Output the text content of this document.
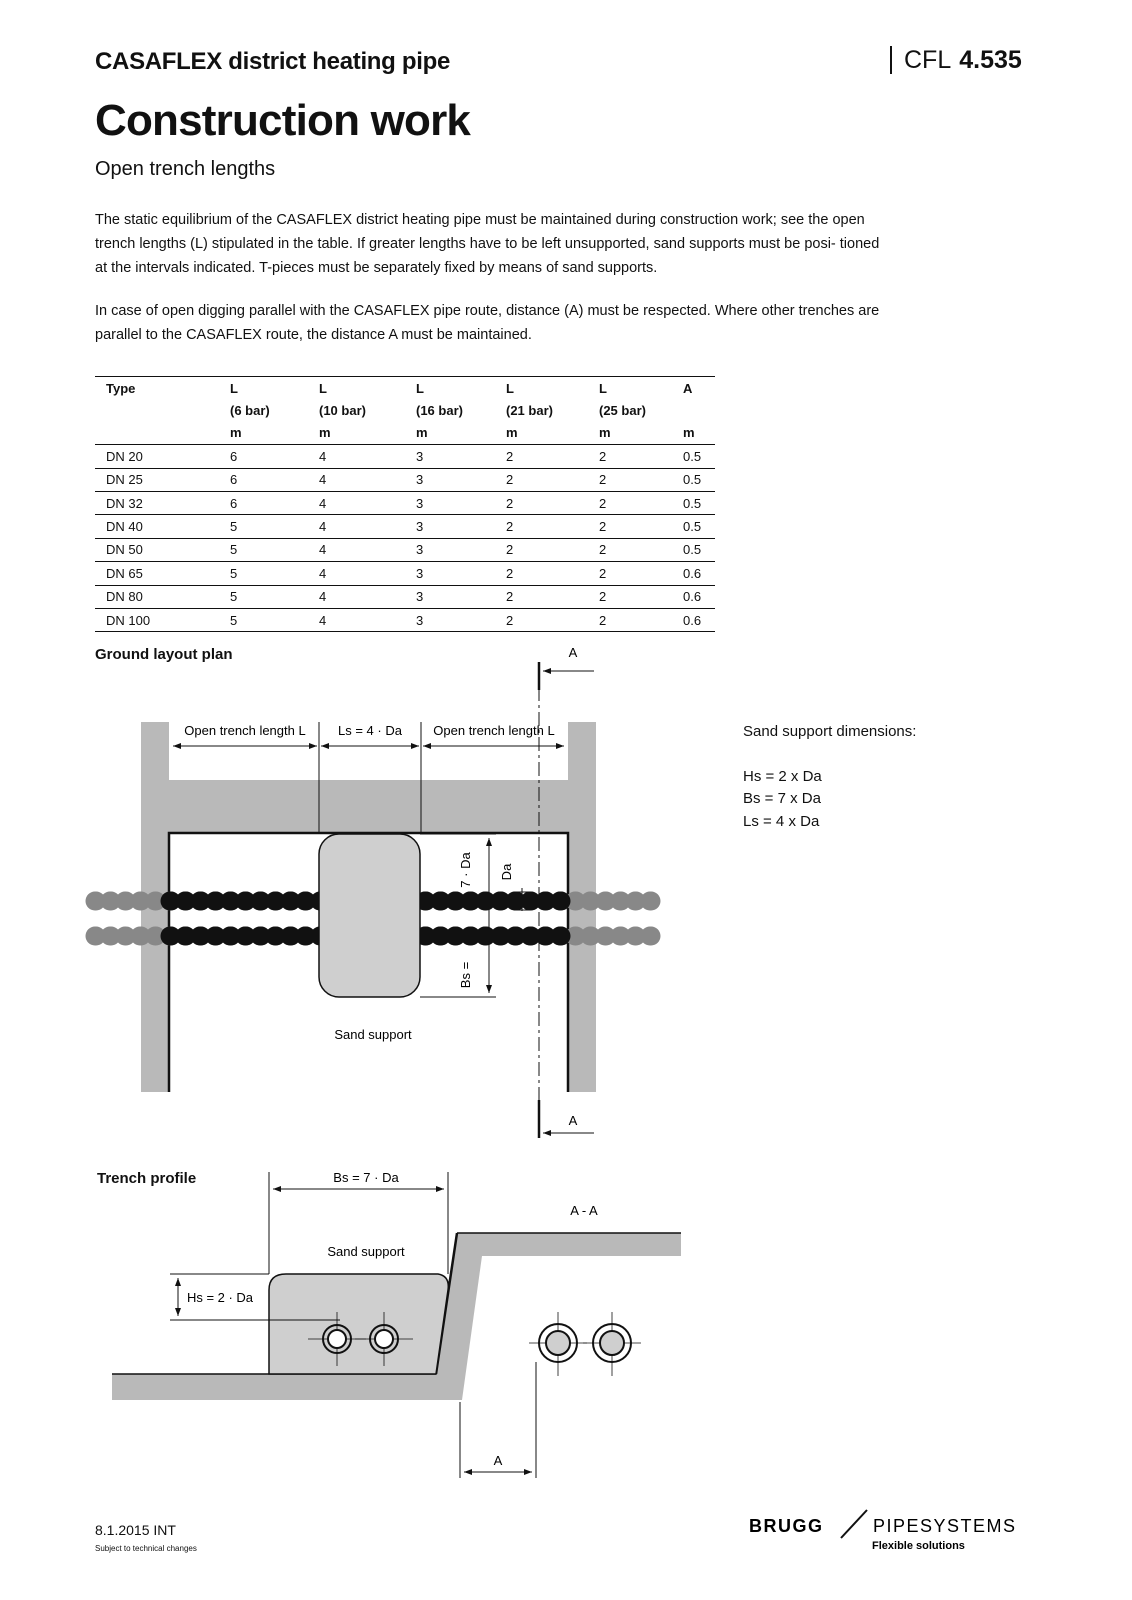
CASAFLEX district heating pipe	CFL 4.535
Construction work
Open trench lengths
The static equilibrium of the CASAFLEX district heating pipe must be maintained during construction work; see the open trench lengths (L) stipulated in the table. If greater lengths have to be left unsupported, sand supports must be posi- tioned at the intervals indicated. T-pieces must be separately fixed by means of sand supports.
In case of open digging parallel with the CASAFLEX pipe route, distance (A) must be respected. Where other trenches are parallel to the CASAFLEX route, the distance A must be maintained.
Type	L	L	L	L	L	A
	(6 bar)	(10 bar)	(16 bar)	(21 bar)	(25 bar)	
	m	m	m	m	m	m
DN 20	6	4	3	2	2	0.5
DN 25	6	4	3	2	2	0.5
DN 32	6	4	3	2	2	0.5
DN 40	5	4	3	2	2	0.5
DN 50	5	4	3	2	2	0.5
DN 65	5	4	3	2	2	0.6
DN 80	5	4	3	2	2	0.6
DN 100	5	4	3	2	2	0.6
Ground layout plan
Open trench length L Ls = 4 · Da Open trench length L
7 · Da Da
Bs =
Sand support
A
A
Sand support dimensions:
Hs = 2 x Da
Bs = 7 x Da
Ls = 4 x Da
Trench profile	Bs = 7 · Da
A - A
Sand support
Hs = 2 · Da
A
8.1.2015 INT
Subject to technical changes
BRUGG	PIPESYSTEMS
Flexible solutions
